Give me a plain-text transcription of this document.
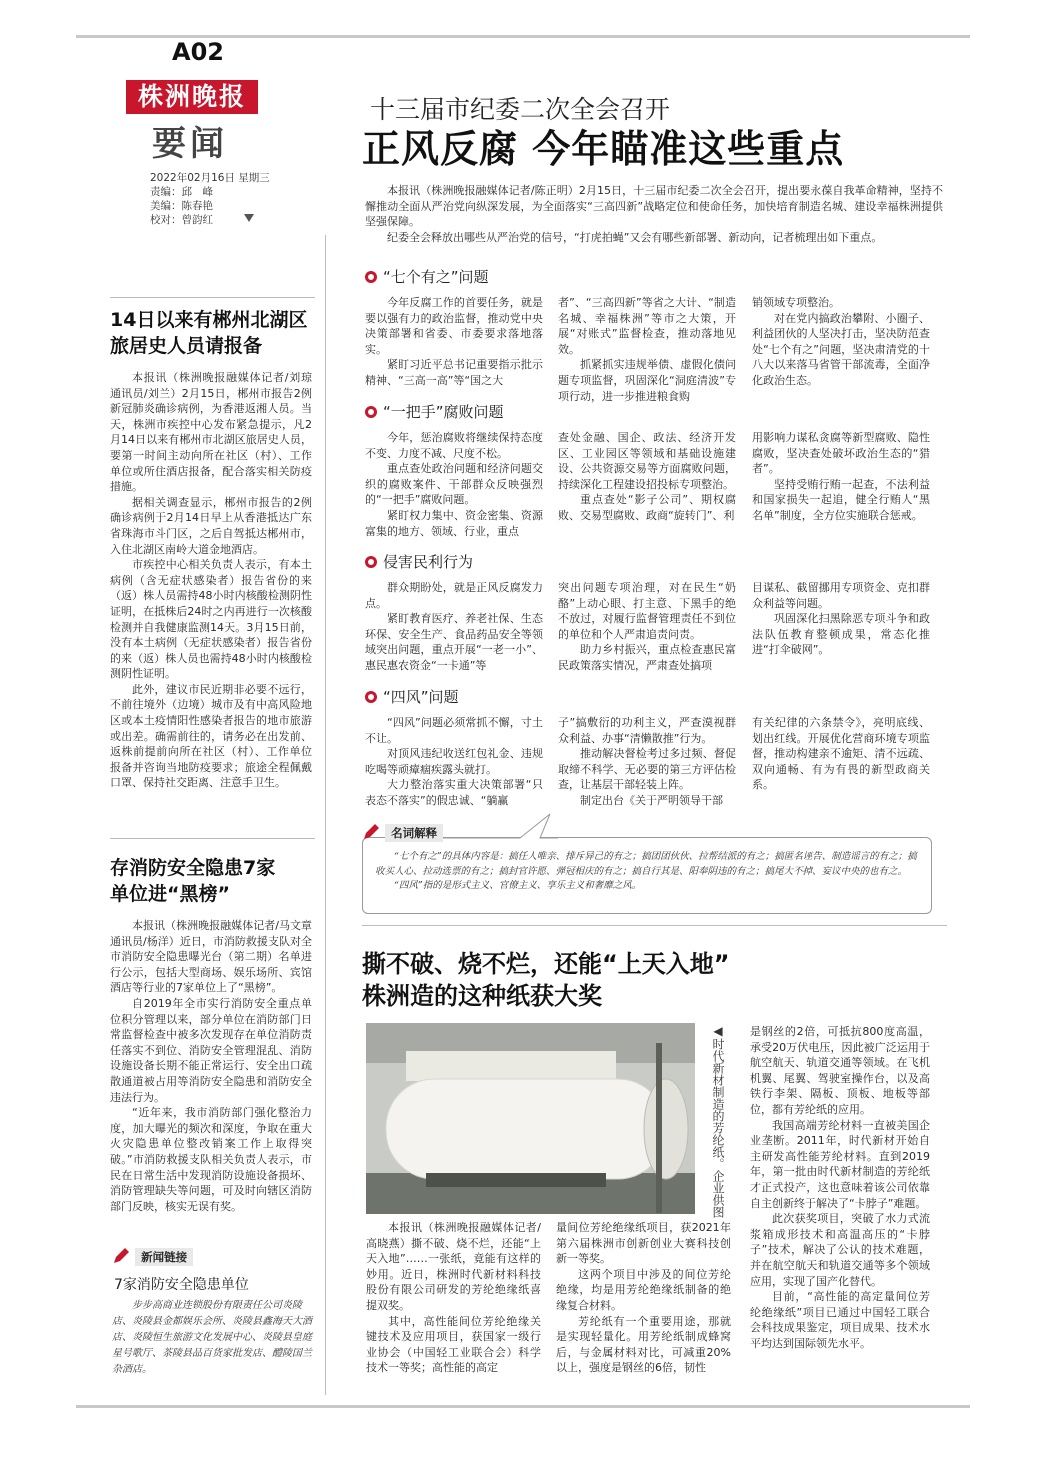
A02
株洲晚报
要闻
2022年02月16日 星期三
责编：邱　峰
美编：陈春艳
校对：曾韵红
十三届市纪委二次全会召开
正风反腐 今年瞄准这些重点

本报讯（株洲晚报融媒体记者/陈正明）2月15日，十三届市纪委二次全会召开，提出要永葆自我革命精神，坚持不懈推动全面从严治党向纵深发展，为全面落实“三高四新”战略定位和使命任务，加快培育制造名城、建设幸福株洲提供坚强保障。

纪委全会释放出哪些从严治党的信号，“打虎拍蝇”又会有哪些新部署、新动向，记者梳理出如下重点。

“七个有之”问题

今年反腐工作的首要任务，就是要以强有力的政治监督，推动党中央决策部署和省委、市委要求落地落实。

紧盯习近平总书记重要指示批示精神、“三高一高”等“国之大

者”、“三高四新”等省之大计、“制造名城、幸福株洲”等市之大策，开展“对账式”监督检查，推动落地见效。

抓紧抓实违规举债、虚假化债问题专项监督，巩固深化“洞庭清波”专项行动，进一步推进粮食购

销领域专项整治。

对在党内搞政治攀附、小圈子、利益团伙的人坚决打击，坚决防范查处“七个有之”问题，坚决肃清党的十八大以来落马省管干部流毒，全面净化政治生态。

“一把手”腐败问题

今年，惩治腐败将继续保持态度不变、力度不减、尺度不松。

重点查处政治问题和经济问题交织的腐败案件、干部群众反映强烈的“一把手”腐败问题。

紧盯权力集中、资金密集、资源富集的地方、领域、行业，重点

查处金融、国企、政法、经济开发区、工业园区等领域和基础设施建设、公共资源交易等方面腐败问题，持续深化工程建设招投标专项整治。

重点查处“影子公司”、期权腐败、交易型腐败、政商“旋转门”、利

用影响力谋私贪腐等新型腐败、隐性腐败，坚决查处破坏政治生态的“猎者”。

坚持受贿行贿一起查，不法利益和国家损失一起追，健全行贿人“黑名单”制度，全方位实施联合惩戒。

侵害民利行为

群众期盼处，就是正风反腐发力点。

紧盯教育医疗、养老社保、生态环保、安全生产、食品药品安全等领域突出问题，重点开展“一老一小”、惠民惠农资金“一卡通”等

突出问题专项治理，对在民生“奶酪”上动心眼、打主意、下黑手的绝不放过，对履行监督管理责任不到位的单位和个人严肃追责问责。

助力乡村振兴，重点检查惠民富民政策落实情况，严肃查处搞项

目谋私、截留挪用专项资金、克扣群众利益等问题。

巩固深化扫黑除恶专项斗争和政法队伍教育整顿成果，常态化推进“打伞破网”。

“四风”问题

“四风”问题必须常抓不懈，寸土不让。

对顶风违纪收送红包礼金、违规吃喝等顽瘴痼疾露头就打。

大力整治落实重大决策部署“只表态不落实”的假忠诚、“躺赢

子”搞敷衍的功利主义，严查漠视群众利益、办事“清懒散推”行为。

推动解决督检考过多过频、督促取缔不科学、无必要的第三方评估检查，让基层干部轻装上阵。

制定出台《关于严明领导干部

有关纪律的六条禁令》，亮明底线、划出红线。开展优化营商环境专项监督，推动构建亲不逾矩、清不远疏、双向通畅、有为有畏的新型政商关系。

名词解释
“七个有之”的具体内容是：搞任人唯亲、排斥异己的有之；搞团团伙伙、拉帮结派的有之；搞匿名诬告、制造谣言的有之；搞收买人心、拉动选票的有之；搞封官许愿、弹冠相庆的有之；搞自行其是、阳奉阴违的有之；搞尾大不掉、妄议中央的也有之。
“四风”指的是形式主义、官僚主义、享乐主义和奢靡之风。
撕不破、烧不烂，还能“上天入地”
株洲造的这种纸获大奖
◀时代新材制造的芳纶纸。企业供图

本报讯（株洲晚报融媒体记者/高晓燕）撕不破、烧不烂，还能“上天入地”……一张纸，竟能有这样的妙用。近日，株洲时代新材料科技股份有限公司研发的芳纶绝缘纸喜提双奖。

其中，高性能间位芳纶绝缘关键技术及应用项目，获国家一级行业协会（中国轻工业联合会）科学技术一等奖；高性能的高定

量间位芳纶绝缘纸项目，获2021年第六届株洲市创新创业大赛科技创新一等奖。

这两个项目中涉及的间位芳纶绝缘，均是用芳纶绝缘纸制备的绝缘复合材料。

芳纶纸有一个重要用途，那就是实现轻量化。用芳纶纸制成蜂窝后，与金属材料对比，可减重20%以上，强度是钢丝的6倍，韧性

是钢丝的2倍，可抵抗800度高温，承受20万伏电压，因此被广泛运用于航空航天、轨道交通等领域。在飞机机翼、尾翼、驾驶室操作台，以及高铁行李架、隔板、顶板、地板等部位，都有芳纶纸的应用。

我国高端芳纶材料一直被美国企业垄断。2011年，时代新材开始自主研发高性能芳纶材料。直到2019年，第一批由时代新材制造的芳纶纸才正式投产，这也意味着该公司依靠自主创新终于解决了“卡脖子”难题。

此次获奖项目，突破了水力式流浆箱成形技术和高温高压的“卡脖子”技术，解决了公认的技术难题，并在航空航天和轨道交通等多个领域应用，实现了国产化替代。

目前，“高性能的高定量间位芳纶绝缘纸”项目已通过中国轻工联合会科技成果鉴定，项目成果、技术水平均达到国际领先水平。

14日以来有郴州北湖区旅居史人员请报备

本报讯（株洲晚报融媒体记者/刘琼 通讯员/刘兰）2月15日，郴州市报告2例新冠肺炎确诊病例，为香港返湘人员。当天，株洲市疾控中心发布紧急提示，凡2月14日以来有郴州市北湖区旅居史人员，要第一时间主动向所在社区（村）、工作单位或所住酒店报备，配合落实相关防疫措施。

据相关调查显示，郴州市报告的2例确诊病例于2月14日早上从香港抵达广东省珠海市斗门区，之后自驾抵达郴州市，入住北湖区南岭大道金地酒店。

市疾控中心相关负责人表示，有本土病例（含无症状感染者）报告省份的来（返）株人员需持48小时内核酸检测阴性证明，在抵株后24时之内再进行一次核酸检测并自我健康监测14天。3月15日前，没有本土病例（无症状感染者）报告省份的来（返）株人员也需持48小时内核酸检测阴性证明。

此外，建议市民近期非必要不远行，不前往境外（边境）城市及有中高风险地区或本土疫情阳性感染者报告的地市旅游或出差。确需前往的，请务必在出发前、返株前提前向所在社区（村）、工作单位报备并咨询当地防疫要求；旅途全程佩戴口罩、保持社交距离、注意手卫生。

存消防安全隐患7家单位进“黑榜”

本报讯（株洲晚报融媒体记者/马文章 通讯员/杨洋）近日，市消防救援支队对全市消防安全隐患曝光台（第二期）名单进行公示，包括大型商场、娱乐场所、宾馆酒店等行业的7家单位上了“黑榜”。

自2019年全市实行消防安全重点单位积分管理以来，部分单位在消防部门日常监督检查中被多次发现存在单位消防责任落实不到位、消防安全管理混乱、消防设施设备长期不能正常运行、安全出口疏散通道被占用等消防安全隐患和消防安全违法行为。

“近年来，我市消防部门强化整治力度，加大曝光的频次和深度，争取在重大火灾隐患单位整改销案工作上取得突破。”市消防救援支队相关负责人表示，市民在日常生活中发现消防设施设备损坏、消防管理缺失等问题，可及时向辖区消防部门反映，核实无误有奖。

新闻链接
7家消防安全隐患单位
步步高商业连锁股份有限责任公司炎陵店、炎陵县金都娱乐会所、炎陵县鑫海天大酒店、炎陵恒生旅游文化发展中心、炎陵县皇庭星号歌厅、茶陵县品百货家批发店、醴陵国兰杂酒店。
